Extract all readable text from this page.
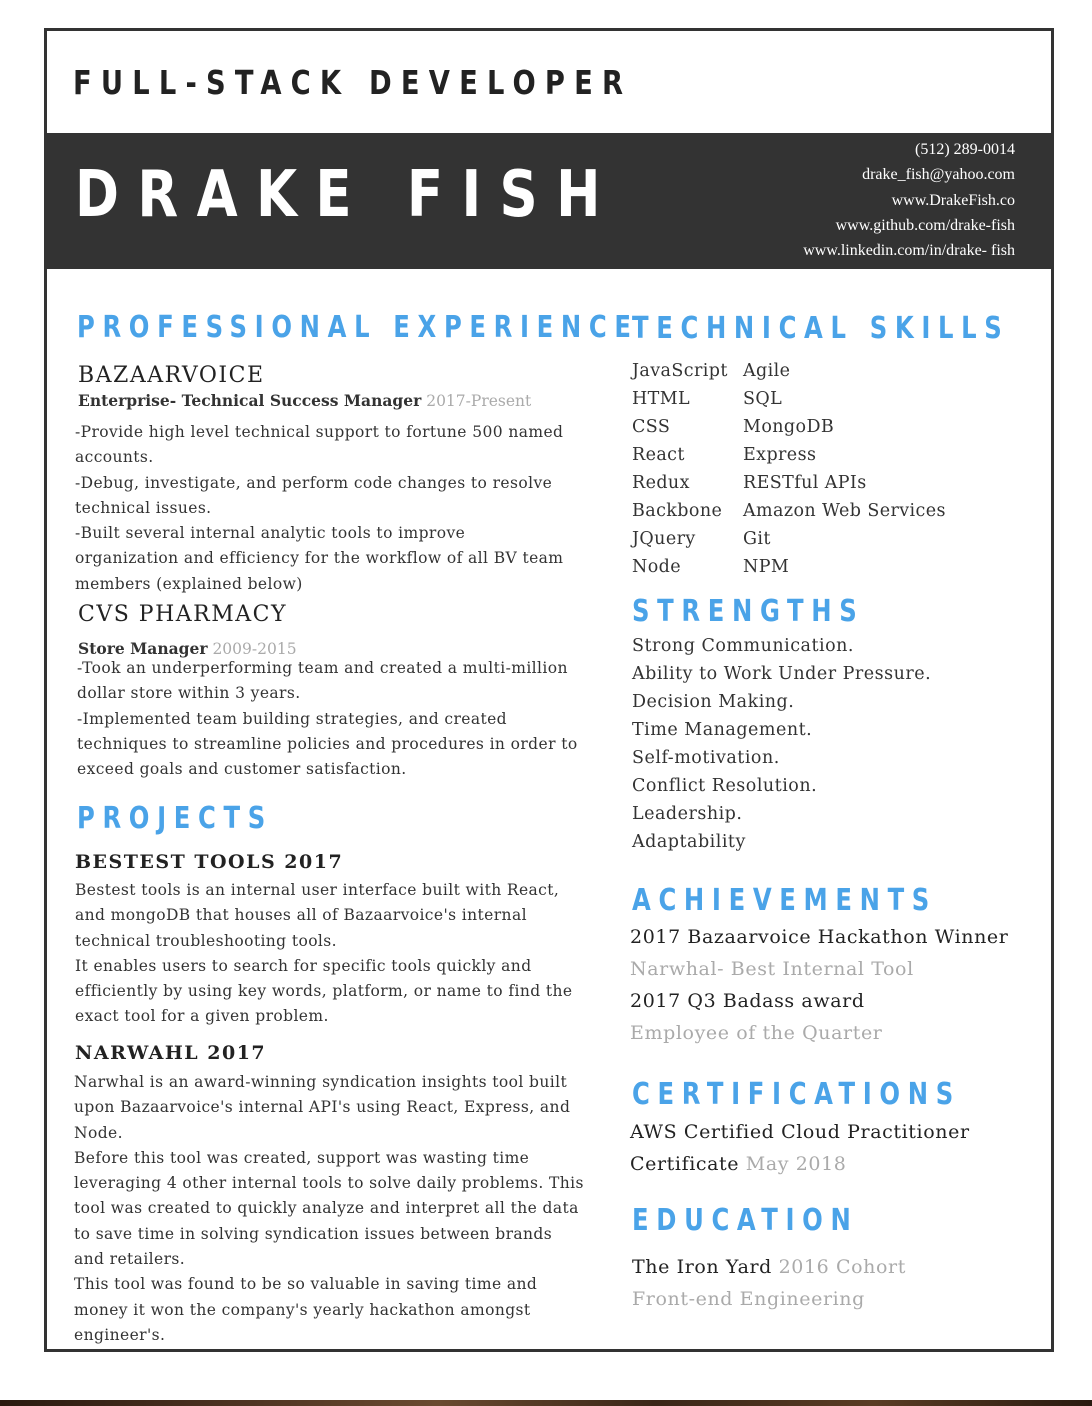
FULL-STACK DEVELOPER
DRAKE FISH
(512) 289-0014
drake_fish@yahoo.com
www.DrakeFish.co
www.github.com/drake-fish
www.linkedin.com/in/drake- fish
PROFESSIONAL EXPERIENCE
BAZAARVOICE
Enterprise- Technical Success Manager 2017-Present
-Provide high level technical support to fortune 500 named
accounts.
-Debug, investigate, and perform code changes to resolve
technical issues.
-Built several internal analytic tools to improve
organization and efficiency for the workflow of all BV team
members (explained below)
CVS PHARMACY
Store Manager 2009-2015
-Took an underperforming team and created a multi-million
dollar store within 3 years.
-Implemented team building strategies, and created
techniques to streamline policies and procedures in order to
exceed goals and customer satisfaction.
PROJECTS
BESTEST TOOLS 2017
Bestest tools is an internal user interface built with React,
and mongoDB that houses all of Bazaarvoice's internal
technical troubleshooting tools.
It enables users to search for specific tools quickly and
efficiently by using key words, platform, or name to find the
exact tool for a given problem.
NARWAHL 2017
Narwhal is an award-winning syndication insights tool built
upon Bazaarvoice's internal API's using React, Express, and
Node.
Before this tool was created, support was wasting time
leveraging 4 other internal tools to solve daily problems. This
tool was created to quickly analyze and interpret all the data
to save time in solving syndication issues between brands
and retailers.
This tool was found to be so valuable in saving time and
money it won the company's yearly hackathon amongst
engineer's.
TECHNICAL SKILLS
JavaScript Agile
HTML	SQL
CSS	MongoDB
React	Express
Redux	RESTful APIs
Backbone Amazon Web Services
JQuery	Git
Node	NPM
STRENGTHS
Strong Communication.
Ability to Work Under Pressure.
Decision Making.
Time Management.
Self-motivation.
Conflict Resolution.
Leadership.
Adaptability
ACHIEVEMENTS
2017 Bazaarvoice Hackathon Winner
Narwhal- Best Internal Tool
2017 Q3 Badass award
Employee of the Quarter
CERTIFICATIONS
AWS Certified Cloud Practitioner
Certificate May 2018
EDUCATION
The Iron Yard 2016 Cohort
Front-end Engineering
